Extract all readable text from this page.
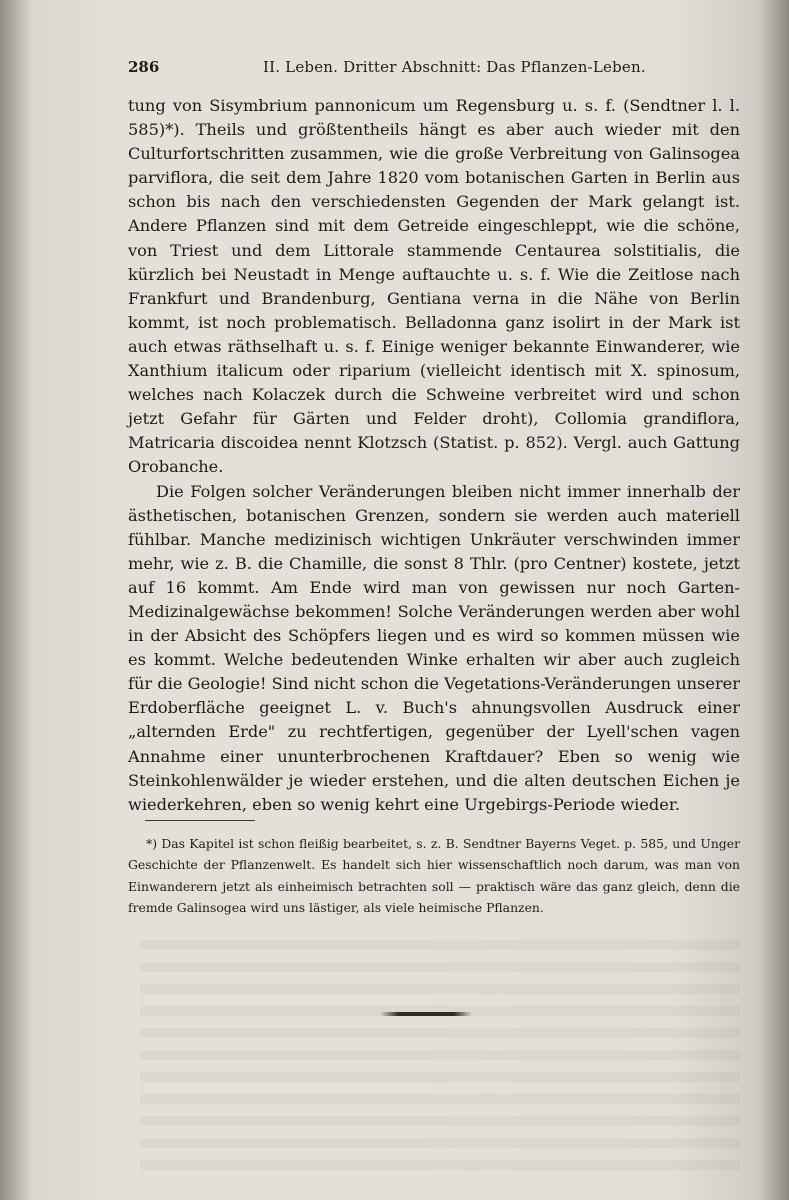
286	II. Leben. Dritter Abschnitt: Das Pflanzen-Leben.

tung von Sisymbrium pannonicum um Regensburg u. s. f. (Sendtner l. l. 585)*). Theils und größtentheils hängt es aber auch wieder mit den Culturfortschritten zusammen, wie die große Verbreitung von Galinsogea parviflora, die seit dem Jahre 1820 vom botanischen Garten in Berlin aus schon bis nach den verschiedensten Gegenden der Mark gelangt ist. Andere Pflanzen sind mit dem Getreide eingeschleppt, wie die schöne, von Triest und dem Littorale stammende Centaurea solstitialis, die kürzlich bei Neustadt in Menge auftauchte u. s. f. Wie die Zeitlose nach Frankfurt und Brandenburg, Gentiana verna in die Nähe von Berlin kommt, ist noch problematisch. Belladonna ganz isolirt in der Mark ist auch etwas räthselhaft u. s. f. Einige weniger bekannte Einwanderer, wie Xanthium italicum oder riparium (vielleicht identisch mit X. spinosum, welches nach Kolaczek durch die Schweine verbreitet wird und schon jetzt Gefahr für Gärten und Felder droht), Collomia grandiflora, Matricaria discoidea nennt Klotzsch (Statist. p. 852). Vergl. auch Gattung Orobanche.

Die Folgen solcher Veränderungen bleiben nicht immer innerhalb der ästhetischen, botanischen Grenzen, sondern sie werden auch materiell fühlbar. Manche medizinisch wichtigen Unkräuter verschwinden immer mehr, wie z. B. die Chamille, die sonst 8 Thlr. (pro Centner) kostete, jetzt auf 16 kommt. Am Ende wird man von gewissen nur noch Garten-Medizinalgewächse bekommen! Solche Veränderungen werden aber wohl in der Absicht des Schöpfers liegen und es wird so kommen müssen wie es kommt. Welche bedeutenden Winke erhalten wir aber auch zugleich für die Geologie! Sind nicht schon die Vegetations-Veränderungen unserer Erdoberfläche geeignet L. v. Buch's ahnungsvollen Ausdruck einer „alternden Erde" zu rechtfertigen, gegenüber der Lyell'schen vagen Annahme einer ununterbrochenen Kraftdauer? Eben so wenig wie Steinkohlenwälder je wieder erstehen, und die alten deutschen Eichen je wiederkehren, eben so wenig kehrt eine Urgebirgs-Periode wieder.

*) Das Kapitel ist schon fleißig bearbeitet, s. z. B. Sendtner Bayerns Veget. p. 585, und Unger Geschichte der Pflanzenwelt. Es handelt sich hier wissenschaftlich noch darum, was man von Einwanderern jetzt als einheimisch betrachten soll — praktisch wäre das ganz gleich, denn die fremde Galinsogea wird uns lästiger, als viele heimische Pflanzen.
